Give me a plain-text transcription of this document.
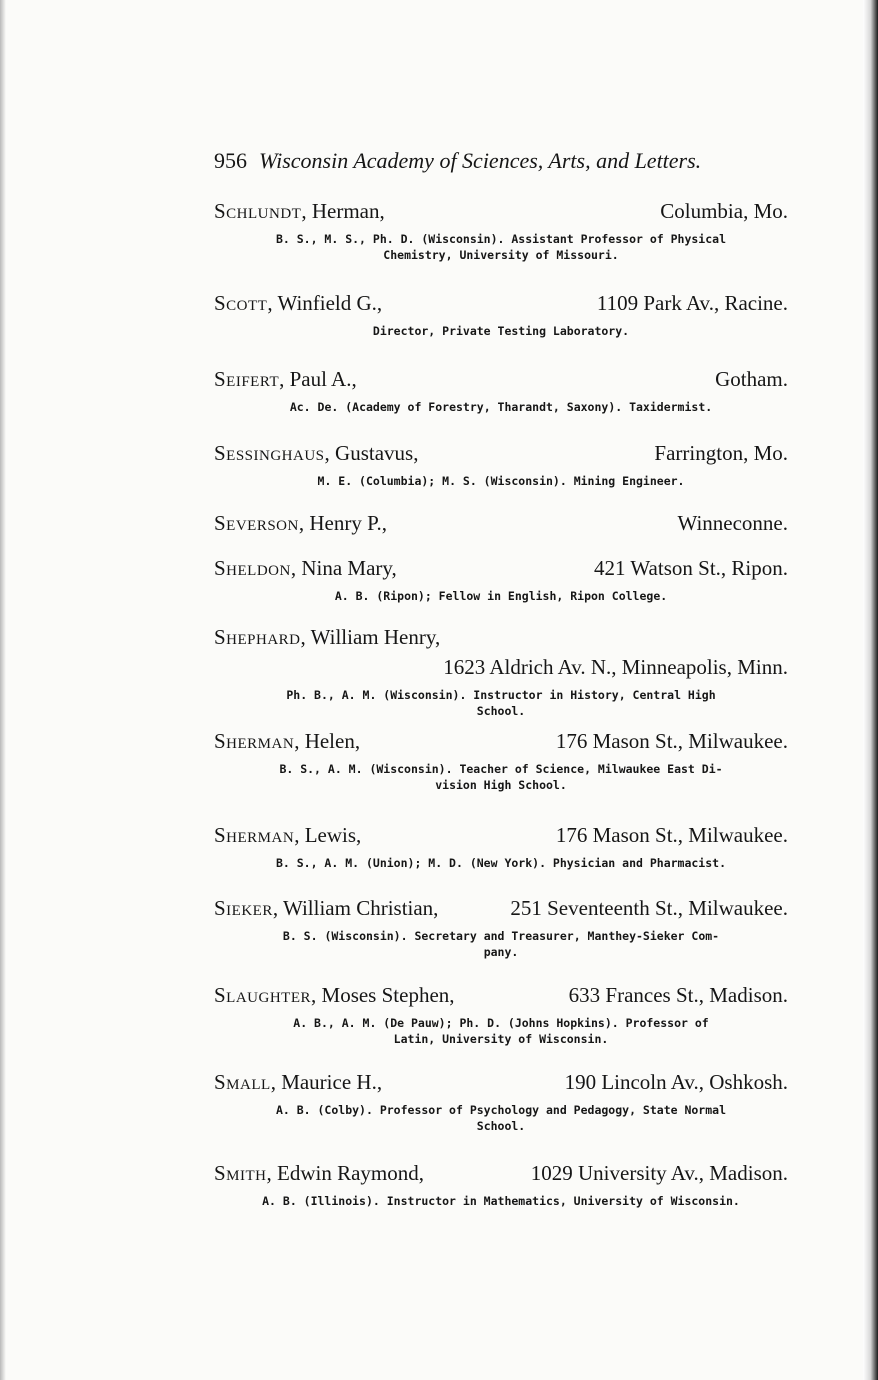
956 Wisconsin Academy of Sciences, Arts, and Letters.
Schlundt, Herman,	Columbia, Mo.
B. S., M. S., Ph. D. (Wisconsin). Assistant Professor of Physical
Chemistry, University of Missouri.
Scott, Winfield G.,	1109 Park Av., Racine.
Director, Private Testing Laboratory.
Seifert, Paul A.,	Gotham.
Ac. De. (Academy of Forestry, Tharandt, Saxony). Taxidermist.
Sessinghaus, Gustavus,	Farrington, Mo.
M. E. (Columbia); M. S. (Wisconsin). Mining Engineer.
Severson, Henry P.,	Winneconne.
Sheldon, Nina Mary,	421 Watson St., Ripon.
A. B. (Ripon); Fellow in English, Ripon College.
Shephard, William Henry,
1623 Aldrich Av. N., Minneapolis, Minn.
Ph. B., A. M. (Wisconsin). Instructor in History, Central High
School.
Sherman, Helen,	176 Mason St., Milwaukee.
B. S., A. M. (Wisconsin). Teacher of Science, Milwaukee East Di-
vision High School.
Sherman, Lewis,	176 Mason St., Milwaukee.
B. S., A. M. (Union); M. D. (New York). Physician and Pharmacist.
Sieker, William Christian,	251 Seventeenth St., Milwaukee.
B. S. (Wisconsin). Secretary and Treasurer, Manthey-Sieker Com-
pany.
Slaughter, Moses Stephen,	633 Frances St., Madison.
A. B., A. M. (De Pauw); Ph. D. (Johns Hopkins). Professor of
Latin, University of Wisconsin.
Small, Maurice H.,	190 Lincoln Av., Oshkosh.
A. B. (Colby). Professor of Psychology and Pedagogy, State Normal
School.
Smith, Edwin Raymond,	1029 University Av., Madison.
A. B. (Illinois). Instructor in Mathematics, University of Wisconsin.
